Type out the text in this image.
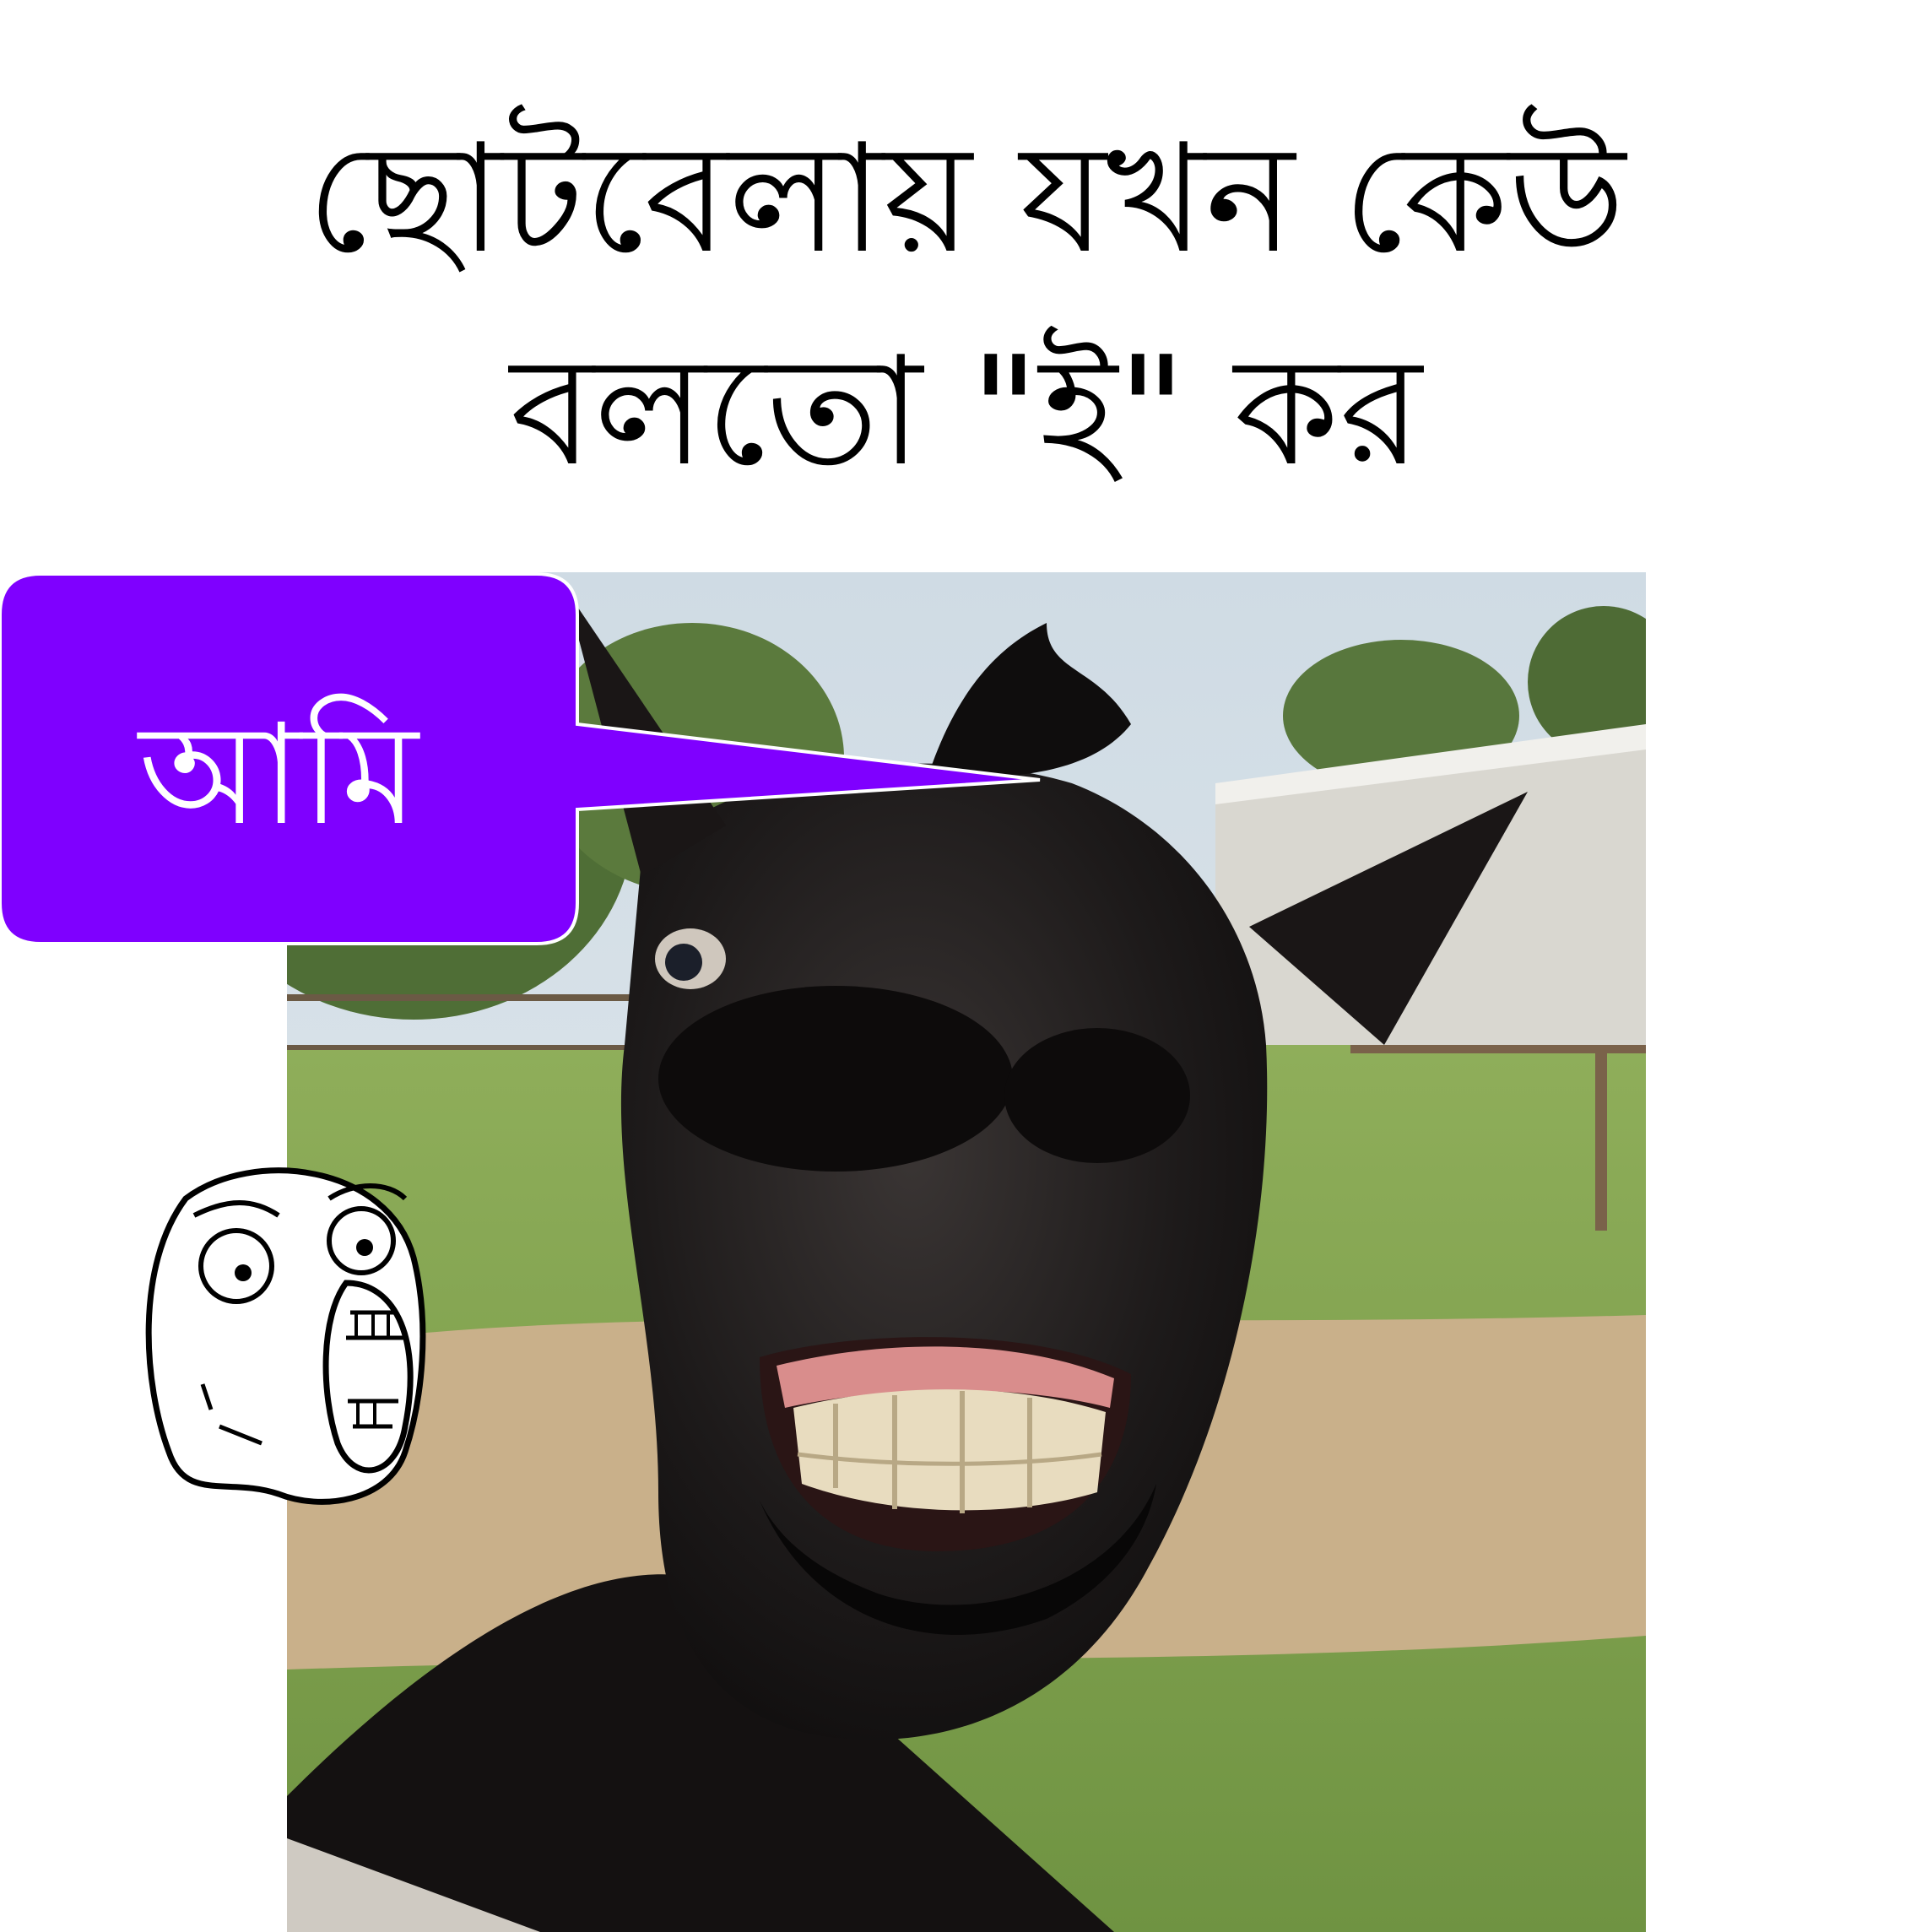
ছোটবেলায় যখন কেউ
বলতো "ই" কর
আমি
